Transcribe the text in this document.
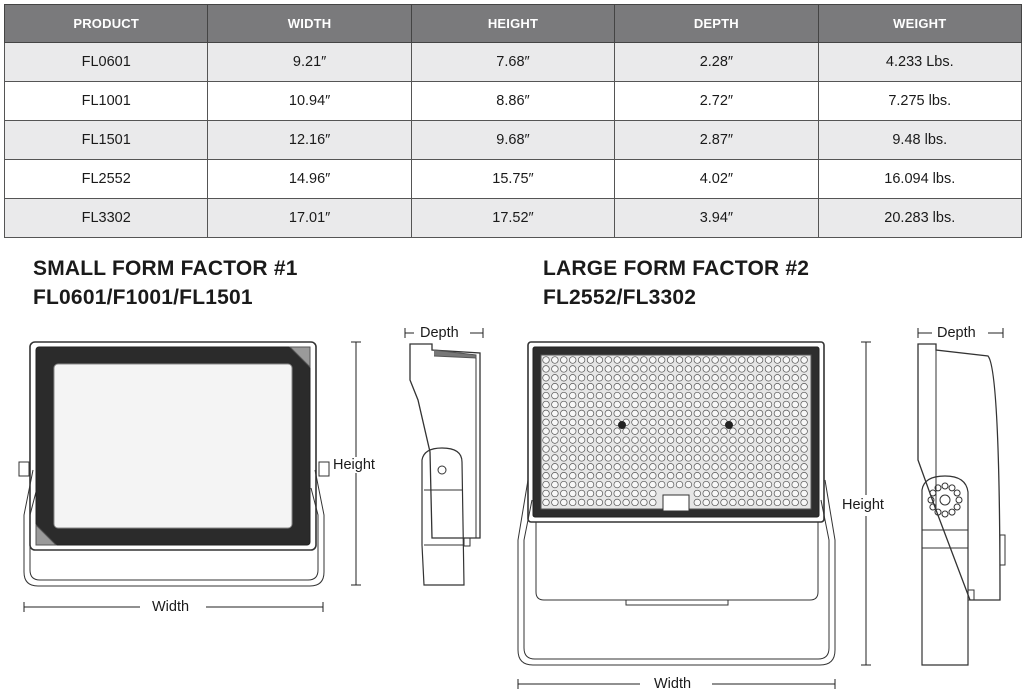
PRODUCT	WIDTH	HEIGHT	DEPTH	WEIGHT
FL0601	9.21″	7.68″	2.28″	4.233 Lbs.
FL1001	10.94″	8.86″	2.72″	7.275 lbs.
FL1501	12.16″	9.68″	2.87″	9.48 lbs.
FL2552	14.96″	15.75″	4.02″	16.094 lbs.
FL3302	17.01″	17.52″	3.94″	20.283 lbs.
SMALL FORM FACTOR #1
FL0601/F1001/FL1501
LARGE FORM FACTOR #2
FL2552/FL3302
Depth
Height
Width
Depth
Height
Width
